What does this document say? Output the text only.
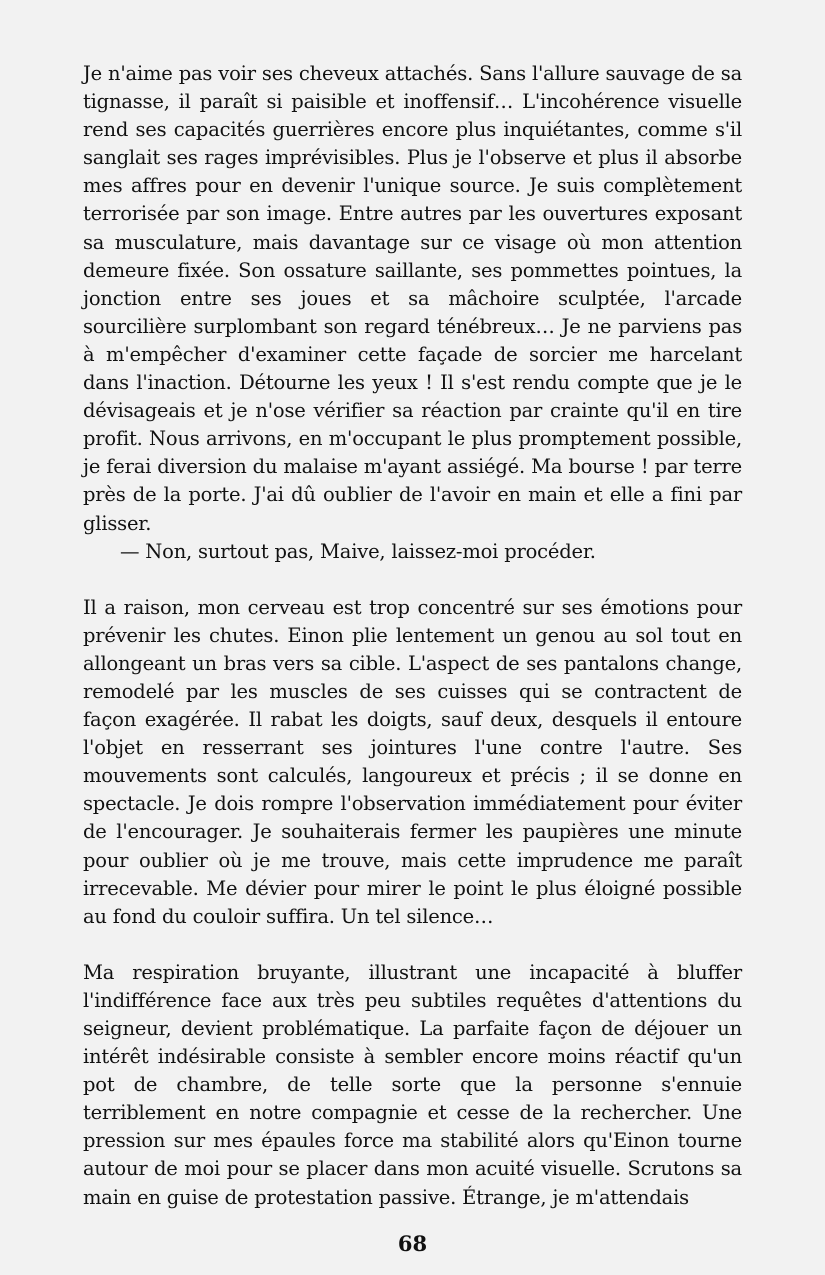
Je n'aime pas voir ses cheveux attachés. Sans l'allure sauvage de sa tignasse, il paraît si paisible et inoffensif… L'incohérence visuelle rend ses capacités guerrières encore plus inquiétantes, comme s'il sanglait ses rages imprévisibles. Plus je l'observe et plus il absorbe mes affres pour en devenir l'unique source. Je suis complètement terrorisée par son image. Entre autres par les ouvertures exposant sa musculature, mais davantage sur ce visage où mon attention demeure fixée. Son ossature saillante, ses pommettes pointues, la jonction entre ses joues et sa mâchoire sculptée, l'arcade sourcilière surplombant son regard ténébreux… Je ne parviens pas à m'empêcher d'examiner cette façade de sorcier me harcelant dans l'inaction. Détourne les yeux ! Il s'est rendu compte que je le dévisageais et je n'ose vérifier sa réaction par crainte qu'il en tire profit. Nous arrivons, en m'occupant le plus promptement possible, je ferai diversion du malaise m'ayant assiégé. Ma bourse ! par terre près de la porte. J'ai dû oublier de l'avoir en main et elle a fini par glisser.

— Non, surtout pas, Maive, laissez-moi procéder.

Il a raison, mon cerveau est trop concentré sur ses émotions pour prévenir les chutes. Einon plie lentement un genou au sol tout en allongeant un bras vers sa cible. L'aspect de ses pantalons change, remodelé par les muscles de ses cuisses qui se contractent de façon exagérée. Il rabat les doigts, sauf deux, desquels il entoure l'objet en resserrant ses jointures l'une contre l'autre. Ses mouvements sont calculés, langoureux et précis ; il se donne en spectacle. Je dois rompre l'observation immédiatement pour éviter de l'encourager. Je souhaiterais fermer les paupières une minute pour oublier où je me trouve, mais cette imprudence me paraît irrecevable. Me dévier pour mirer le point le plus éloigné possible au fond du couloir suffira. Un tel silence…

Ma respiration bruyante, illustrant une incapacité à bluffer l'indifférence face aux très peu subtiles requêtes d'attentions du seigneur, devient problématique. La parfaite façon de déjouer un intérêt indésirable consiste à sembler encore moins réactif qu'un pot de chambre, de telle sorte que la personne s'ennuie terriblement en notre compagnie et cesse de la rechercher. Une pression sur mes épaules force ma stabilité alors qu'Einon tourne autour de moi pour se placer dans mon acuité visuelle. Scrutons sa main en guise de protestation passive. Étrange, je m'attendais

68
